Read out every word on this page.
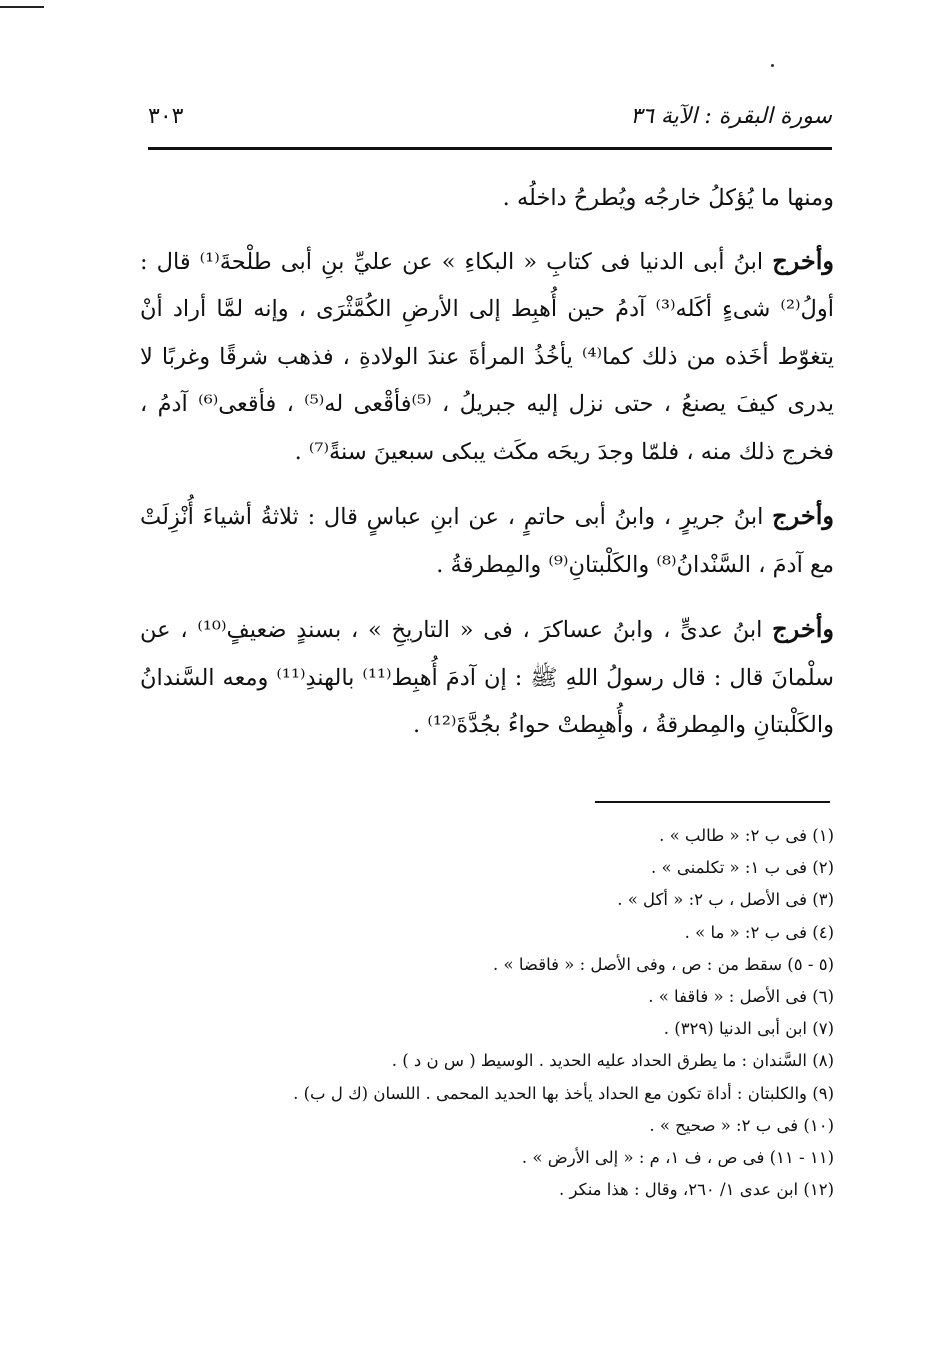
سورة البقرة : الآية ٣٦
٣٠٣

ومنها ما يُؤكلُ خارجُه ويُطرحُ داخلُه .

وأخرج ابنُ أبى الدنيا فى كتابِ « البكاءِ » عن عليِّ بنِ أبى طلْحةَ⁽¹⁾ قال : أولُ⁽²⁾ شىءٍ أكَله⁽³⁾ آدمُ حين أُهبِط إلى الأرضِ الكُمَّثْرَى ، وإنه لمَّا أراد أنْ يتغوّط أخَذه من ذلك كما⁽⁴⁾ يأخُذُ المرأةَ عندَ الولادةِ ، فذهب شرقًا وغربًا لا يدرى كيفَ يصنعُ ، حتى نزل إليه جبريلُ ، ⁽⁵⁾فأقْعى له⁽⁵⁾ ، فأقعى⁽⁶⁾ آدمُ ، فخرج ذلك منه ، فلمّا وجدَ ريحَه مكَث يبكى سبعينَ سنةً⁽⁷⁾ .

وأخرج ابنُ جريرٍ ، وابنُ أبى حاتمٍ ، عن ابنِ عباسٍ قال : ثلاثةُ أشياءَ أُنْزِلَتْ مع آدمَ ، السَّنْدانُ⁽⁸⁾ والكَلْبتانِ⁽⁹⁾ والمِطرقةُ .

وأخرج ابنُ عدىٍّ ، وابنُ عساكرَ ، فى « التاريخِ » ، بسندٍ ضعيفٍ⁽¹⁰⁾ ، عن سلْمانَ قال : قال رسولُ اللهِ ﷺ : إن آدمَ أُهبِط⁽¹¹⁾ بالهندِ⁽¹¹⁾ ومعه السَّندانُ والكَلْبتانِ والمِطرقةُ ، وأُهبِطتْ حواءُ بجُدَّةَ⁽¹²⁾ .

(١) فى ب ٢: « طالب » .
(٢) فى ب ١: « تكلمنى » .
(٣) فى الأصل ، ب ٢: « أكل » .
(٤) فى ب ٢: « ما » .
(٥ - ٥) سقط من : ص ، وفى الأصل : « فاقضا » .
(٦) فى الأصل : « فاقفا » .
(٧) ابن أبى الدنيا (٣٢٩) .
(٨) السَّندان : ما يطرق الحداد عليه الحديد . الوسيط ( س ن د ) .
(٩) والكلبتان : أداة تكون مع الحداد يأخذ بها الحديد المحمى . اللسان (ك ل ب) .
(١٠) فى ب ٢: « صحيح » .
(١١ - ١١) فى ص ، ف ١، م : « إلى الأرض » .
(١٢) ابن عدى ١/ ٢٦٠، وقال : هذا منكر .
